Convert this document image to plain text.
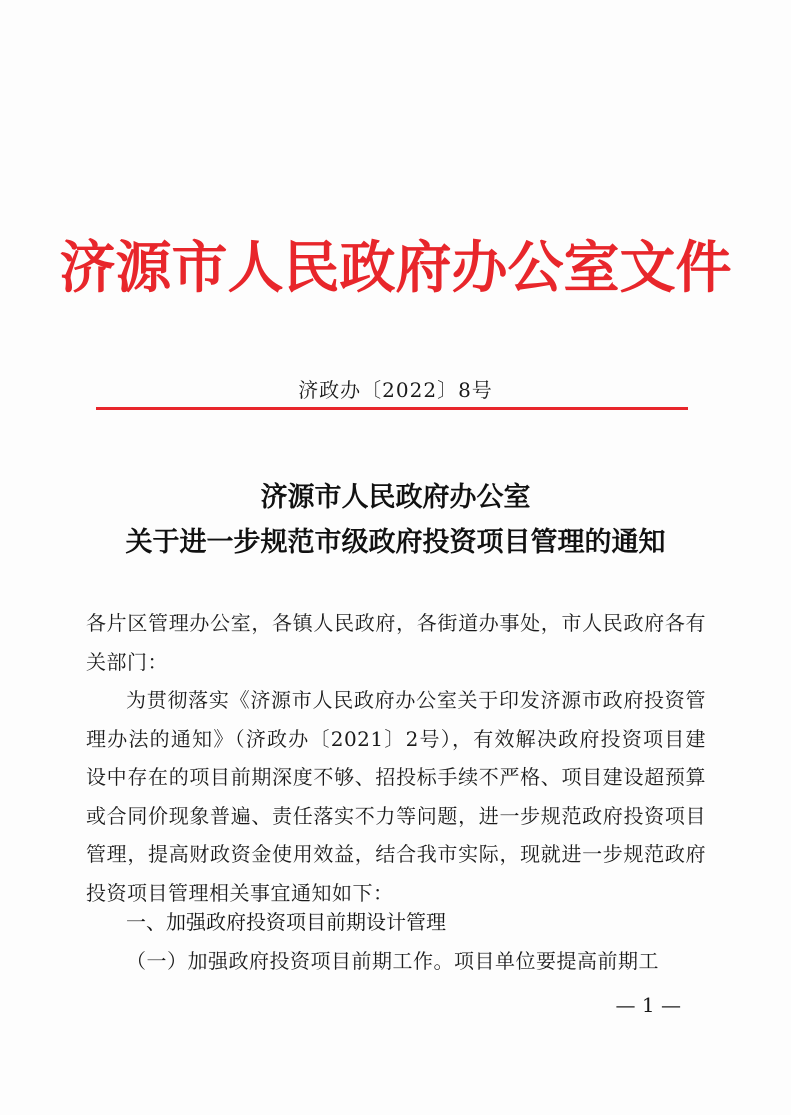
济源市人民政府办公室文件
济政办〔2022〕8号
济源市人民政府办公室
关于进一步规范市级政府投资项目管理的通知
各片区管理办公室，各镇人民政府，各街道办事处，市人民政府各有关部门：
为贯彻落实《济源市人民政府办公室关于印发济源市政府投资管理办法的通知》（济政办〔2021〕2号），有效解决政府投资项目建设中存在的项目前期深度不够、招投标手续不严格、项目建设超预算或合同价现象普遍、责任落实不力等问题，进一步规范政府投资项目管理，提高财政资金使用效益，结合我市实际，现就进一步规范政府投资项目管理相关事宜通知如下：
一、加强政府投资项目前期设计管理
（一）加强政府投资项目前期工作。项目单位要提高前期工
— 1 —
